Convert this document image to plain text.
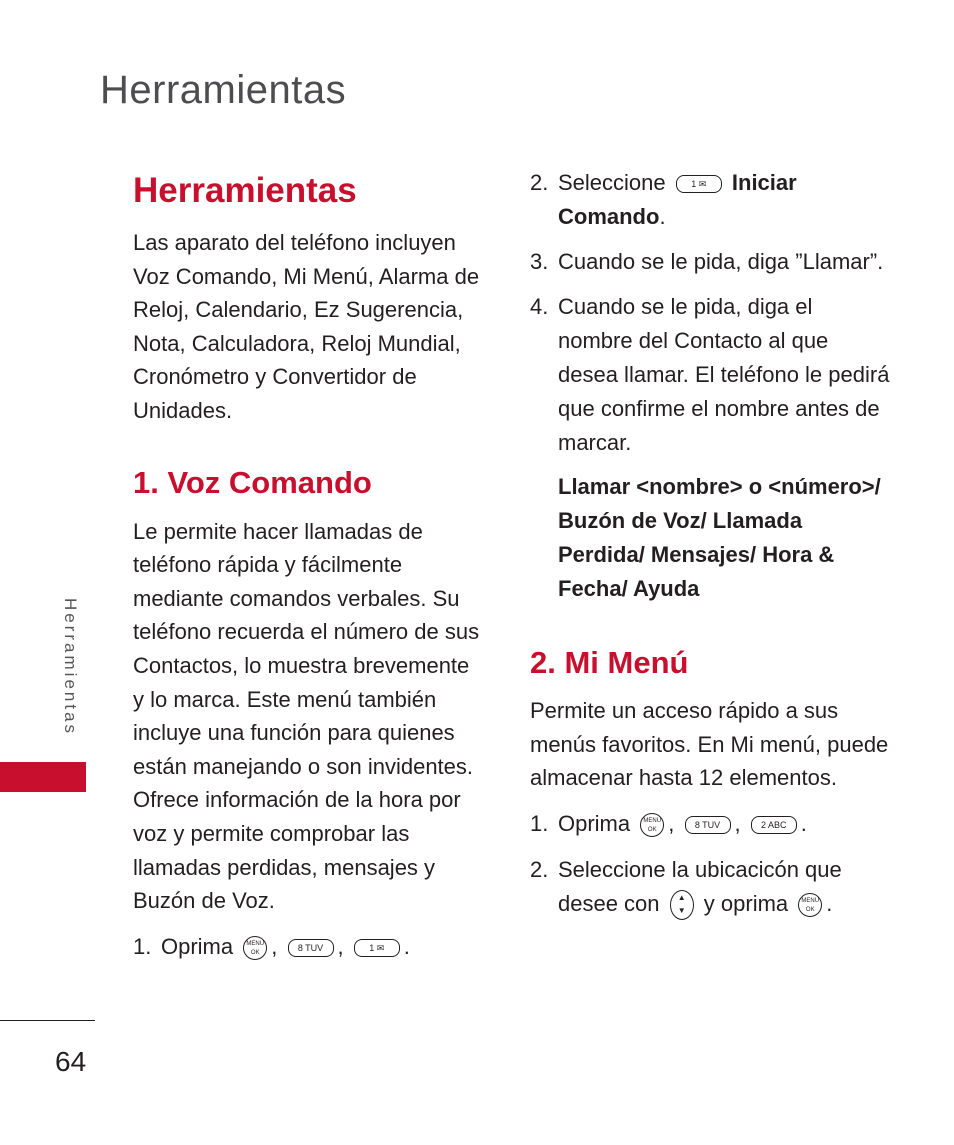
Herramientas
Herramientas
Herramientas

Las aparato del teléfono incluyen Voz Comando, Mi Menú, Alarma de Reloj, Calendario, Ez Sugerencia, Nota, Calculadora, Reloj Mundial, Cronómetro y Convertidor de Unidades.

1. Voz Comando

Le permite hacer llamadas de teléfono rápida y fácilmente mediante comandos verbales. Su teléfono recuerda el número de sus Contactos, lo muestra brevemente y lo marca. Este menú también incluye una función para quienes están manejando o son invidentes. Ofrece información de la hora por voz y permite comprobar las llamadas perdidas, mensajes y Buzón de Voz.

1. Oprima MENU
OK , 8 TUV ,	1 ✉ .
2. Seleccione	1 ✉ Iniciar Comando.
3. Cuando se le pida, diga ”Llamar”.
4. Cuando se le pida, diga el nombre del Contacto al que desea llamar. El teléfono le pedirá que confirme el nombre antes de marcar.
Llamar <nombre> o <número>/ Buzón de Voz/ Llamada Perdida/ Mensajes/ Hora & Fecha/ Ayuda
2. Mi Menú

Permite un acceso rápido a sus menús favoritos. En Mi menú, puede almacenar hasta 12 elementos.

1. Oprima MENU
OK , 8 TUV , 2 ABC .
2. Seleccione la ubicacicón que desee con ▲
▼ y oprima MENU
OK .
64
